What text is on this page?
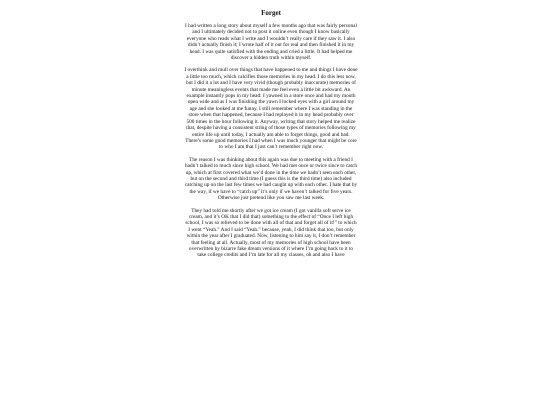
Forget

I had written a long story about myself a few months ago that was fairly personal and I ultimately decided not to post it online even though I know basically everyone who reads what I write and I wouldn’t really care if they saw it. I also didn’t actually finish it; I wrote half of it out for real and then finished it in my head. I was quite satisfied with the ending and cried a little. It had helped me discover a hidden truth within myself.

I overthink and mull over things that have happened to me and things I have done a little too much, which calcifies those memories in my head. I do this less now, but I did it a lot and I have very vivid (though probably inaccurate) memories of minute meaningless events that made me feel even a little bit awkward. An example instantly pops in my head: I yawned in a store once and had my mouth open wide and as I was finishing the yawn I locked eyes with a girl around my age and she looked at me funny. I still remember where I was standing in the store when that happened, because I had replayed it in my head probably over 500 times in the hour following it. Anyway, writing that story helped me realize that, despite having a consistent string of those types of memories following my entire life up until today, I actually am able to forget things, good and bad. There’s some good memories I had when I was much younger that might be core to who I am that I just can’t remember right now.

The reason I was thinking about this again was due to meeting with a friend I hadn’t talked to much since high school. We had met once or twice since to catch up, which at first covered what we’d done in the time we hadn’t seen each other, but on the second and third time (I guess this is the third time) also included catching up on the last few times we had caught up with each other. I hate that by the way, if we have to “catch up” it’s only if we haven’t talked for five years. Otherwise just pretend like you saw me last week.

They had told me shortly after we got ice cream (I got vanilla soft serve ice cream, and it’s OK that I did that) something to the effect of “Once I left high school, I was so relieved to be done with all of that and forget all of it!” to which I went “Yeah.” And I said “Yeah.” because, yeah, I did think that too, but only within the year after I graduated. Now, listening to him say it, I don’t remember that feeling at all. Actually, most of my memories of high school have been overwritten by bizarre fake dream versions of it where I’m going back to it to take college credits and I’m late for all my classes, oh and also I have
